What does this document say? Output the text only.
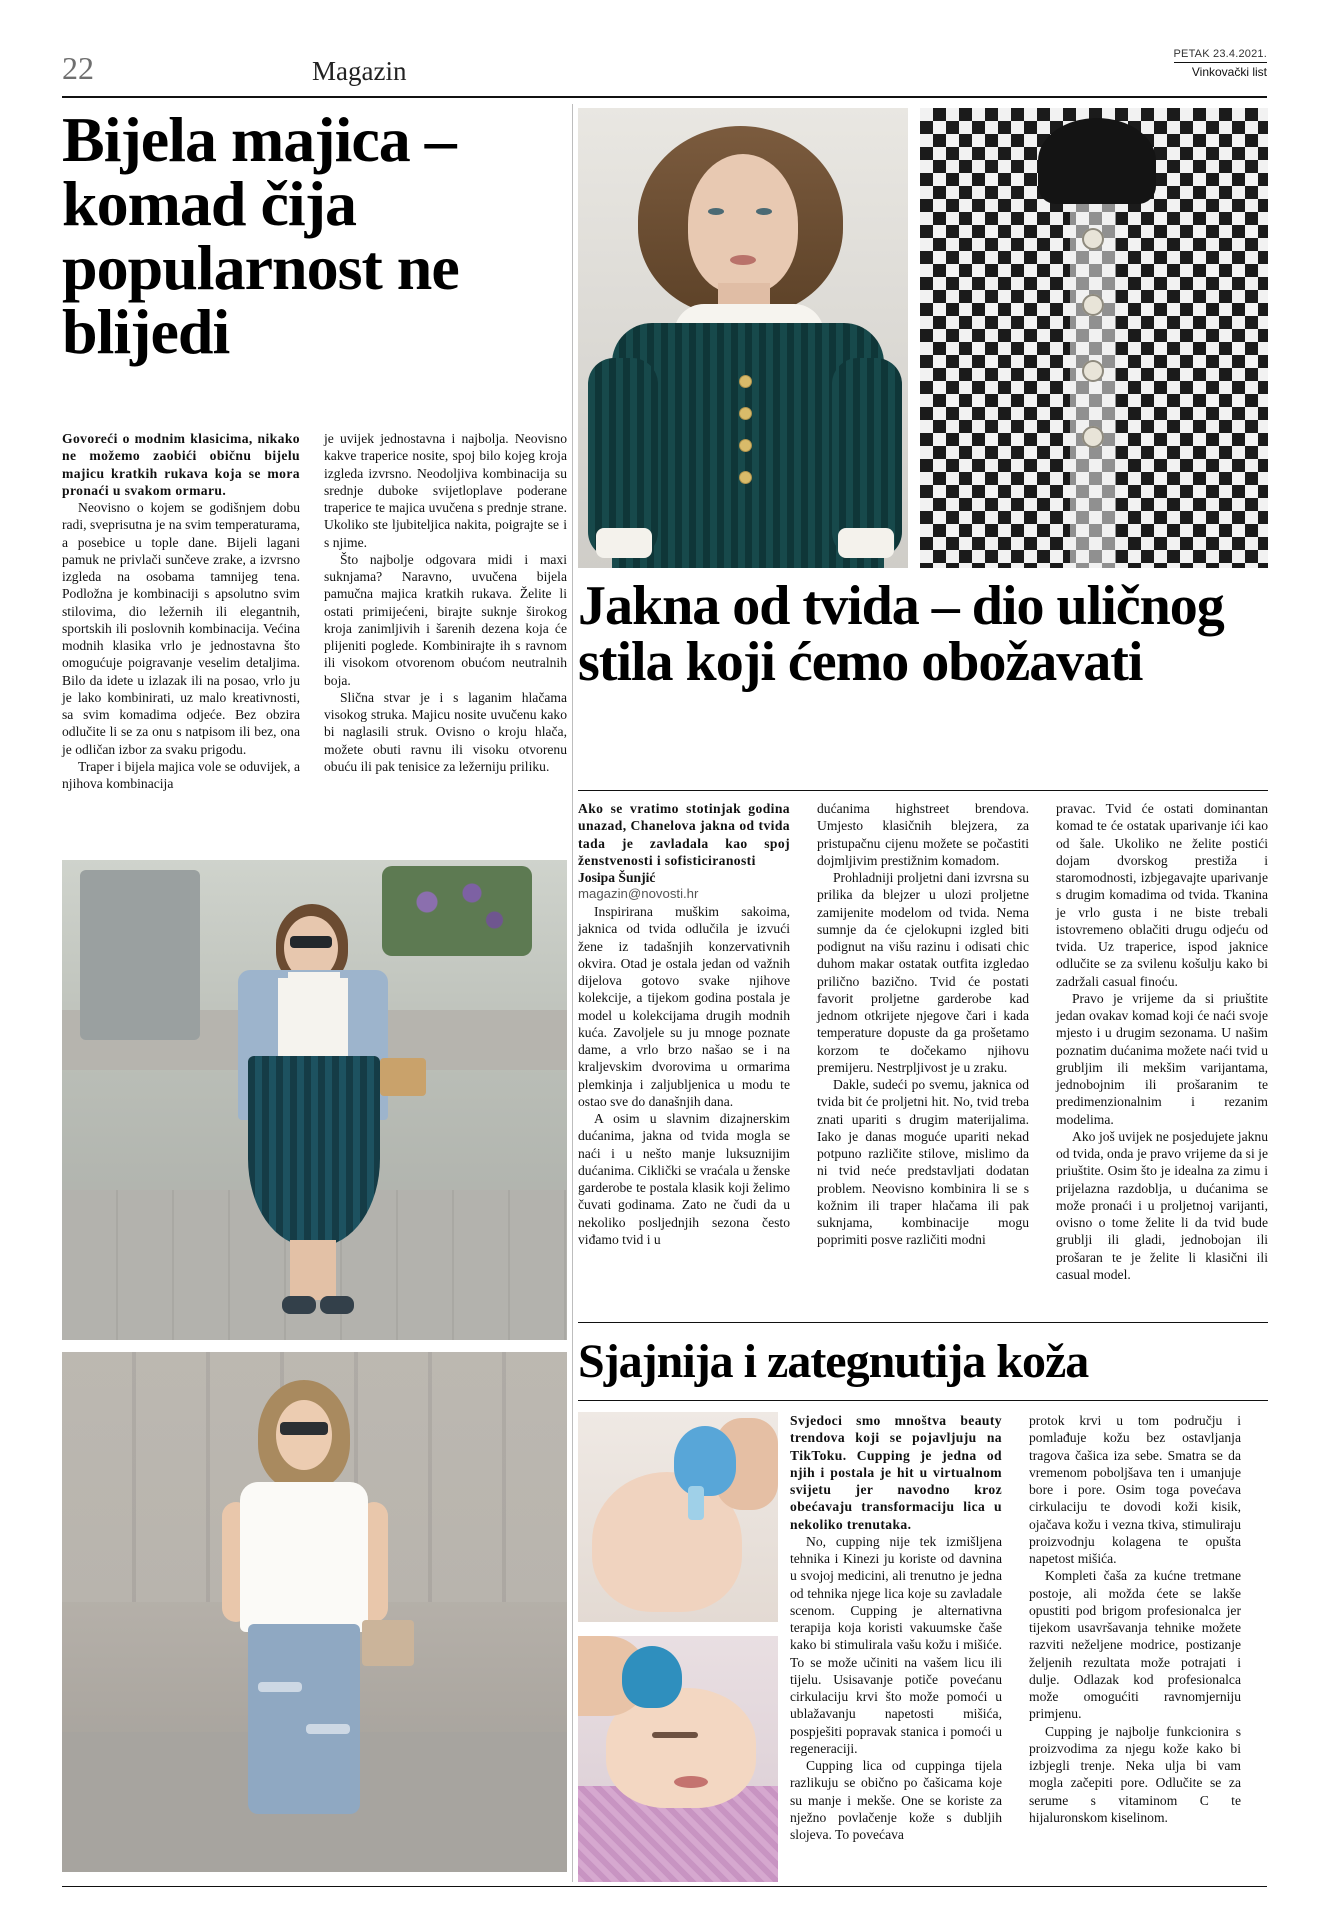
22	Magazin
PETAK 23.4.2021.
Vinkovački list
Bijela majica – komad čija popularnost ne blijedi

Govoreći o modnim klasicima, nikako ne možemo zaobići običnu bijelu majicu kratkih rukava koja se mora pronaći u svakom ormaru.

Neovisno o kojem se godišnjem dobu radi, sveprisutna je na svim temperaturama, a posebice u tople dane. Bijeli lagani pamuk ne privlači sunčeve zrake, a izvrsno izgleda na osobama tamnijeg tena. Podložna je kombinaciji s apsolutno svim stilovima, dio ležernih ili elegantnih, sportskih ili poslovnih kombinacija. Većina modnih klasika vrlo je jednostavna što omogućuje poigravanje veselim detaljima. Bilo da idete u izlazak ili na posao, vrlo ju je lako kombinirati, uz malo kreativnosti, sa svim komadima odjeće. Bez obzira odlučite li se za onu s natpisom ili bez, ona je odličan izbor za svaku prigodu.

Traper i bijela majica vole se oduvijek, a njihova kombinacija

je uvijek jednostavna i najbolja. Neovisno kakve traperice nosite, spoj bilo kojeg kroja izgleda izvrsno. Neodoljiva kombinacija su srednje duboke svijetloplave poderane traperice te majica uvučena s prednje strane. Ukoliko ste ljubiteljica nakita, poigrajte se i s njime.

Što najbolje odgovara midi i maxi suknjama? Naravno, uvučena bijela pamučna majica kratkih rukava. Želite li ostati primijećeni, birajte suknje širokog kroja zanimljivih i šarenih dezena koja će plijeniti poglede. Kombinirajte ih s ravnom ili visokom otvorenom obućom neutralnih boja.

Slična stvar je i s laganim hlačama visokog struka. Majicu nosite uvučenu kako bi naglasili struk. Ovisno o kroju hlača, možete obuti ravnu ili visoku otvorenu obuću ili pak tenisice za ležerniju priliku.

Jakna od tvida – dio uličnog stila koji ćemo obožavati

Ako se vratimo stotinjak godina unazad, Chanelova jakna od tvida tada je zavladala kao spoj ženstvenosti i sofisticiranosti

Josipa Šunjić

magazin@novosti.hr

Inspirirana muškim sakoima, jaknica od tvida odlučila je izvući žene iz tadašnjih konzervativnih okvira. Otad je ostala jedan od važnih dijelova gotovo svake njihove kolekcije, a tijekom godina postala je model u kolekcijama drugih modnih kuća. Zavoljele su ju mnoge poznate dame, a vrlo brzo našao se i na kraljevskim dvorovima u ormarima plemkinja i zaljubljenica u modu te ostao sve do današnjih dana.

A osim u slavnim dizajnerskim dućanima, jakna od tvida mogla se naći i u nešto manje luksuznijim dućanima. Ciklički se vraćala u ženske garderobe te postala klasik koji želimo čuvati godinama. Zato ne čudi da u nekoliko posljednjih sezona često viđamo tvid i u

dućanima highstreet brendova. Umjesto klasičnih blejzera, za pristupačnu cijenu možete se počastiti dojmljivim prestižnim komadom.

Prohladniji proljetni dani izvrsna su prilika da blejzer u ulozi proljetne zamijenite modelom od tvida. Nema sumnje da će cjelokupni izgled biti podignut na višu razinu i odisati chic duhom makar ostatak outfita izgledao prilično bazično. Tvid će postati favorit proljetne garderobe kad jednom otkrijete njegove čari i kada temperature dopuste da ga prošetamo korzom te dočekamo njihovu premijeru. Nestrpljivost je u zraku.

Dakle, sudeći po svemu, jaknica od tvida bit će proljetni hit. No, tvid treba znati upariti s drugim materijalima. Iako je danas moguće upariti nekad potpuno različite stilove, mislimo da ni tvid neće predstavljati dodatan problem. Neovisno kombinira li se s kožnim ili traper hlačama ili pak suknjama, kombinacije mogu poprimiti posve različiti modni

pravac. Tvid će ostati dominantan komad te će ostatak uparivanje ići kao od šale. Ukoliko ne želite postići dojam dvorskog prestiža i staromodnosti, izbjegavajte uparivanje s drugim komadima od tvida. Tkanina je vrlo gusta i ne biste trebali istovremeno oblačiti drugu odjeću od tvida. Uz traperice, ispod jaknice odlučite se za svilenu košulju kako bi zadržali casual finoću.

Pravo je vrijeme da si priuštite jedan ovakav komad koji će naći svoje mjesto i u drugim sezonama. U našim poznatim dućanima možete naći tvid u grubljim ili mekšim varijantama, jednobojnim ili prošaranim te predimenzionalnim i rezanim modelima.

Ako još uvijek ne posjedujete jaknu od tvida, onda je pravo vrijeme da si je priuštite. Osim što je idealna za zimu i prijelazna razdoblja, u dućanima se može pronaći i u proljetnoj varijanti, ovisno o tome želite li da tvid bude grublji ili gladi, jednobojan ili prošaran te je želite li klasični ili casual model.

Sjajnija i zategnutija koža

Svjedoci smo mnoštva beauty trendova koji se pojavljuju na TikToku. Cupping je jedna od njih i postala je hit u virtualnom svijetu jer navodno kroz obećavaju transformaciju lica u nekoliko trenutaka.

No, cupping nije tek izmišljena tehnika i Kinezi ju koriste od davnina u svojoj medicini, ali trenutno je jedna od tehnika njege lica koje su zavladale scenom. Cupping je alternativna terapija koja koristi vakuumske čaše kako bi stimulirala vašu kožu i mišiće. To se može učiniti na vašem licu ili tijelu. Usisavanje potiče povećanu cirkulaciju krvi što može pomoći u ublažavanju napetosti mišića, pospješiti popravak stanica i pomoći u regeneraciji.

Cupping lica od cuppinga tijela razlikuju se obično po čašicama koje su manje i mekše. One se koriste za nježno povlačenje kože s dubljih slojeva. To povećava

protok krvi u tom području i pomlađuje kožu bez ostavljanja tragova čašica iza sebe. Smatra se da vremenom poboljšava ten i umanjuje bore i pore. Osim toga povećava cirkulaciju te dovodi koži kisik, ojačava kožu i vezna tkiva, stimuliraju proizvodnju kolagena te opušta napetost mišića.

Kompleti čaša za kućne tretmane postoje, ali možda ćete se lakše opustiti pod brigom profesionalca jer tijekom usavršavanja tehnike možete razviti neželjene modrice, postizanje željenih rezultata može potrajati i dulje. Odlazak kod profesionalca može omogućiti ravnomjerniju primjenu.

Cupping je najbolje funkcionira s proizvodima za njegu kože kako bi izbjegli trenje. Neka ulja bi vam mogla začepiti pore. Odlučite se za serume s vitaminom C te hijaluronskom kiselinom.
